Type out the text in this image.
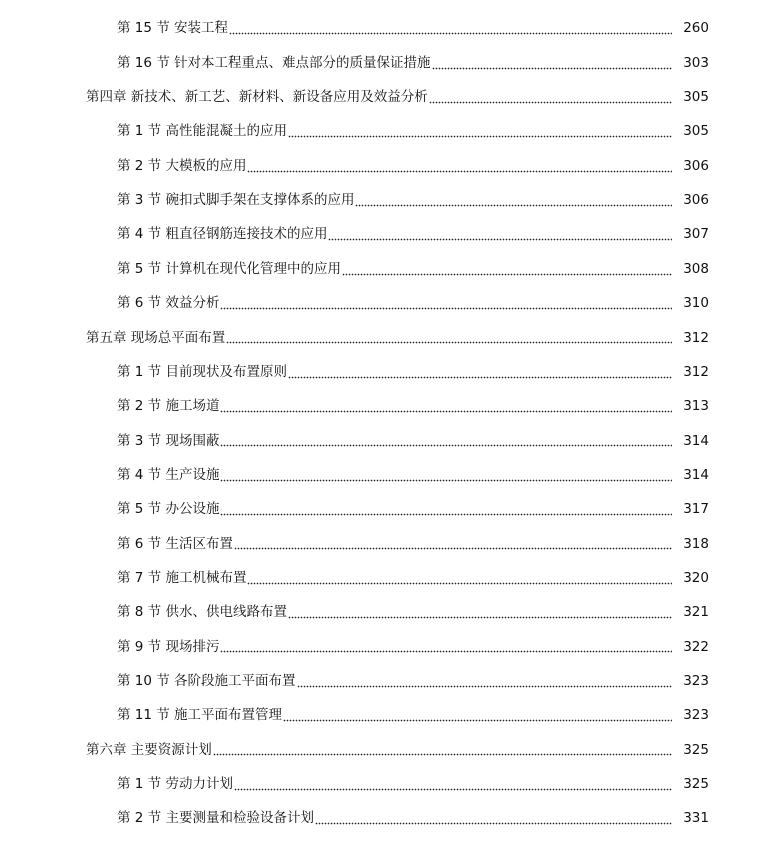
第 15 节 安装工程	260
第 16 节 针对本工程重点、难点部分的质量保证措施	303
第四章 新技术、新工艺、新材料、新设备应用及效益分析	305
第 1 节 高性能混凝土的应用	305
第 2 节 大模板的应用	306
第 3 节 碗扣式脚手架在支撑体系的应用	306
第 4 节 粗直径钢筋连接技术的应用	307
第 5 节 计算机在现代化管理中的应用	308
第 6 节 效益分析	310
第五章 现场总平面布置	312
第 1 节 目前现状及布置原则	312
第 2 节 施工场道	313
第 3 节 现场围蔽	314
第 4 节 生产设施	314
第 5 节 办公设施	317
第 6 节 生活区布置	318
第 7 节 施工机械布置	320
第 8 节 供水、供电线路布置	321
第 9 节 现场排污	322
第 10 节 各阶段施工平面布置	323
第 11 节 施工平面布置管理	323
第六章 主要资源计划	325
第 1 节 劳动力计划	325
第 2 节 主要测量和检验设备计划	331
